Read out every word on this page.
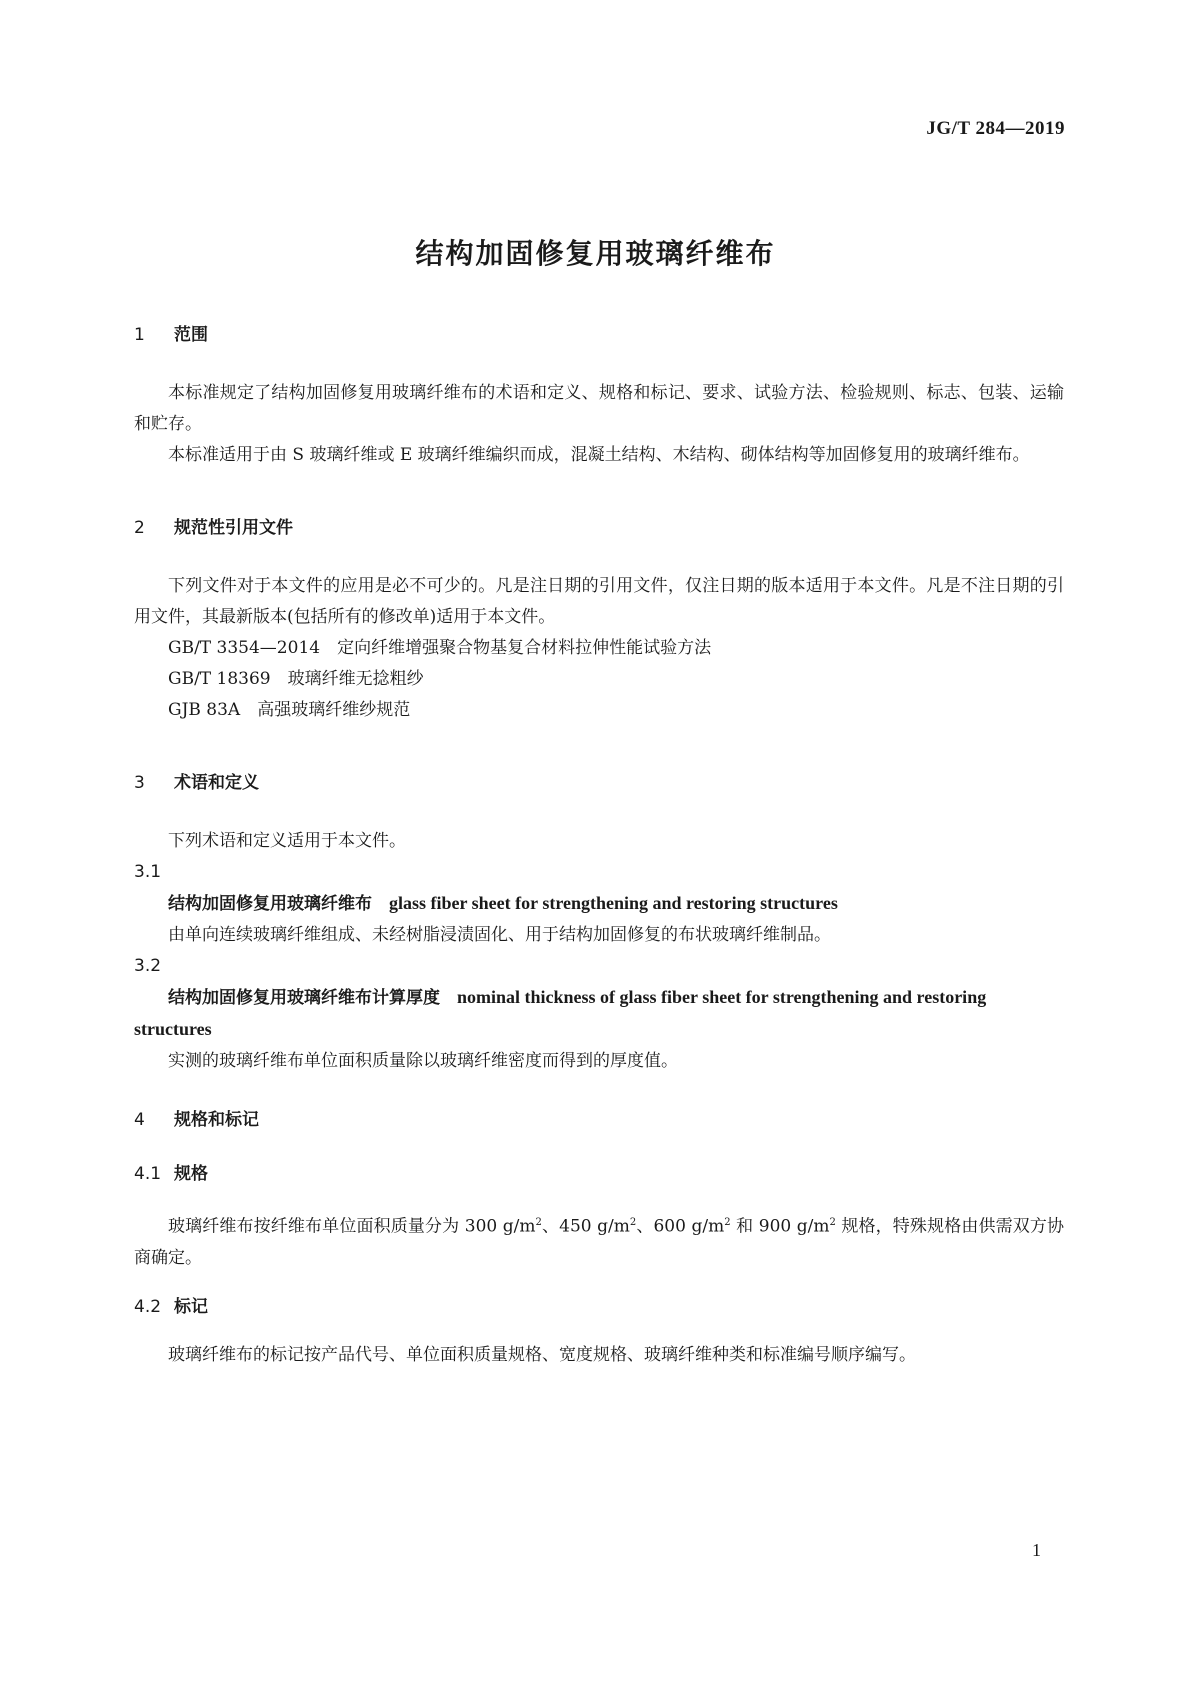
JG/T 284—2019
结构加固修复用玻璃纤维布

1 范围

本标准规定了结构加固修复用玻璃纤维布的术语和定义、规格和标记、要求、试验方法、检验规则、标志、包装、运输和贮存。

本标准适用于由 S 玻璃纤维或 E 玻璃纤维编织而成，混凝土结构、木结构、砌体结构等加固修复用的玻璃纤维布。

2 规范性引用文件

下列文件对于本文件的应用是必不可少的。凡是注日期的引用文件，仅注日期的版本适用于本文件。凡是不注日期的引用文件，其最新版本(包括所有的修改单)适用于本文件。

GB/T 3354—2014　定向纤维增强聚合物基复合材料拉伸性能试验方法

GB/T 18369　玻璃纤维无捻粗纱

GJB 83A　高强玻璃纤维纱规范

3 术语和定义

下列术语和定义适用于本文件。

3.1

结构加固修复用玻璃纤维布　 glass fiber sheet for strengthening and restoring structures

由单向连续玻璃纤维组成、未经树脂浸渍固化、用于结构加固修复的布状玻璃纤维制品。

3.2

结构加固修复用玻璃纤维布计算厚度　 nominal thickness of glass fiber sheet for strengthening and restoring structures

实测的玻璃纤维布单位面积质量除以玻璃纤维密度而得到的厚度值。

4 规格和标记

4.1 规格

玻璃纤维布按纤维布单位面积质量分为 300 $g/m^2$、450 $g/m^2$、600 $g/m^2$ 和 900 $g/m^2$ 规格，特殊规格由供需双方协商确定。

4.2 标记

玻璃纤维布的标记按产品代号、单位面积质量规格、宽度规格、玻璃纤维种类和标准编号顺序编写。

1
